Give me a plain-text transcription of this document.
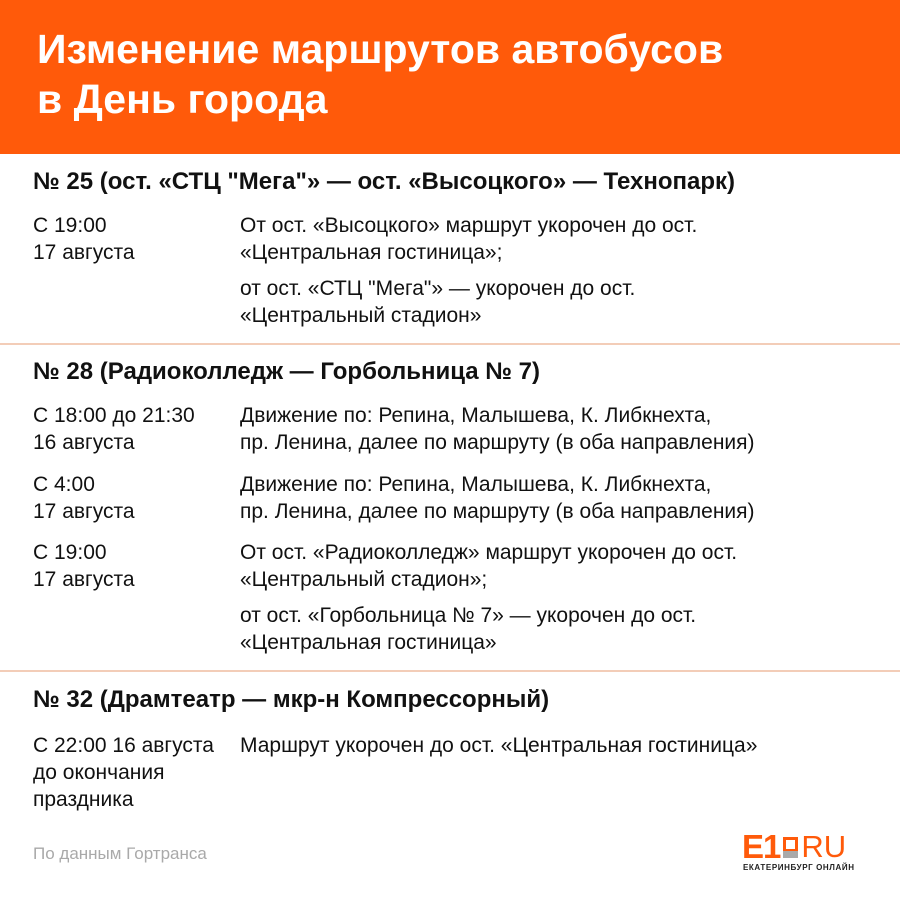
Изменение маршрутов автобусов
в День города
№ 25 (ост. «СТЦ "Мега"» — ост. «Высоцкого» — Технопарк)
С 19:00
17 августа
От ост. «Высоцкого» маршрут укорочен до ост.
«Центральная гостиница»;
от ост. «СТЦ "Мега"» — укорочен до ост.
«Центральный стадион»
№ 28 (Радиоколледж — Горбольница № 7)
С 18:00 до 21:30
16 августа
Движение по: Репина, Малышева, К. Либкнехта,
пр. Ленина, далее по маршруту (в оба направления)
С 4:00
17 августа
Движение по: Репина, Малышева, К. Либкнехта,
пр. Ленина, далее по маршруту (в оба направления)
С 19:00
17 августа
От ост. «Радиоколледж» маршрут укорочен до ост.
«Центральный стадион»;
от ост. «Горбольница № 7» — укорочен до ост.
«Центральная гостиница»
№ 32 (Драмтеатр — мкр-н Компрессорный)
С 22:00 16 августа
до окончания
праздника
Маршрут укорочен до ост. «Центральная гостиница»
По данным Гортранса	E1 RU
ЕКАТЕРИНБУРГ ОНЛАЙН
